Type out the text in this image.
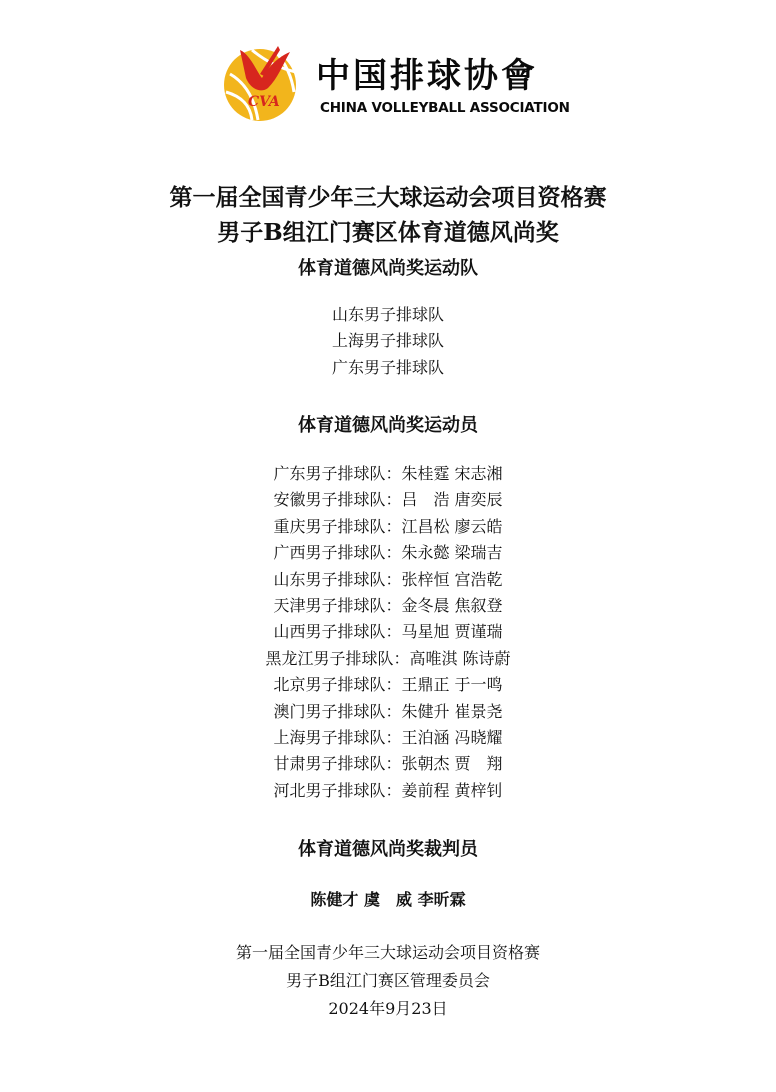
CVA
中国排球协會
CHINA VOLLEYBALL ASSOCIATION
第一届全国青少年三大球运动会项目资格赛
男子B组江门赛区体育道德风尚奖
体育道德风尚奖运动队
山东男子排球队
上海男子排球队
广东男子排球队
体育道德风尚奖运动员
广东男子排球队：朱桂霆 宋志湘
安徽男子排球队：吕　浩 唐奕辰
重庆男子排球队：江昌松 廖云皓
广西男子排球队：朱永懿 梁瑞吉
山东男子排球队：张梓恒 宫浩乾
天津男子排球队：金冬晨 焦叙登
山西男子排球队：马星旭 贾谨瑞
黑龙江男子排球队：高唯淇 陈诗蔚
北京男子排球队：王鼎正 于一鸣
澳门男子排球队：朱健升 崔景尧
上海男子排球队：王泊涵 冯晓耀
甘肃男子排球队：张朝杰 贾　翔
河北男子排球队：姜前程 黄梓钊
体育道德风尚奖裁判员
陈健才 虞　威 李昕霖
第一届全国青少年三大球运动会项目资格赛
男子B组江门赛区管理委员会
2024年9月23日
